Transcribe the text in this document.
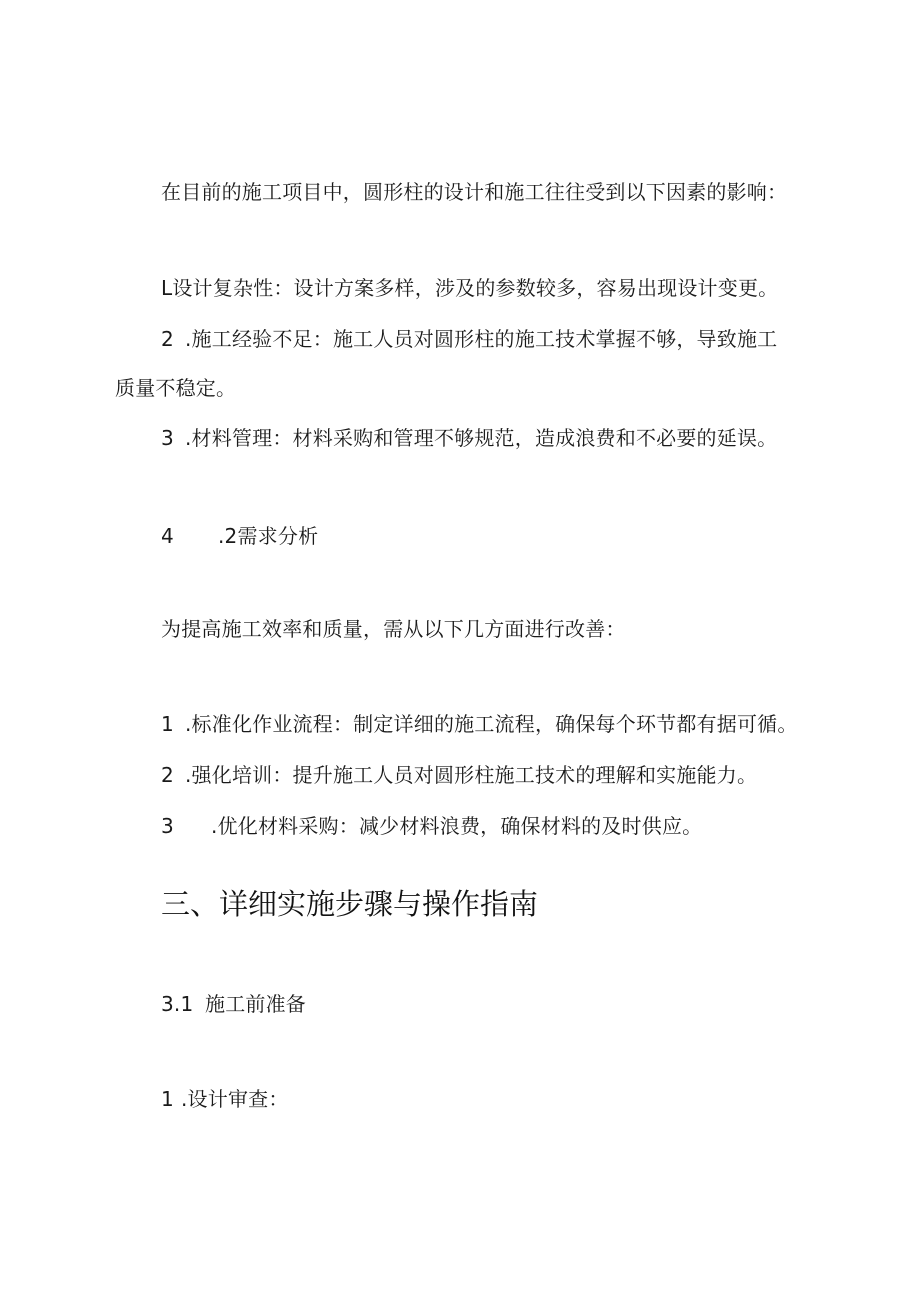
在目前的施工项目中，圆形柱的设计和施工往往受到以下因素的影响：

L设计复杂性：设计方案多样，涉及的参数较多，容易出现设计变更。

2 .施工经验不足：施工人员对圆形柱的施工技术掌握不够，导致施工

质量不稳定。

3 .材料管理：材料采购和管理不够规范，造成浪费和不必要的延误。

4 .2需求分析

为提高施工效率和质量，需从以下几方面进行改善：

1 .标准化作业流程：制定详细的施工流程，确保每个环节都有据可循。

2 .强化培训：提升施工人员对圆形柱施工技术的理解和实施能力。

3 .优化材料采购：减少材料浪费，确保材料的及时供应。

三、详细实施步骤与操作指南

3.1 施工前准备

1 .设计审查：
